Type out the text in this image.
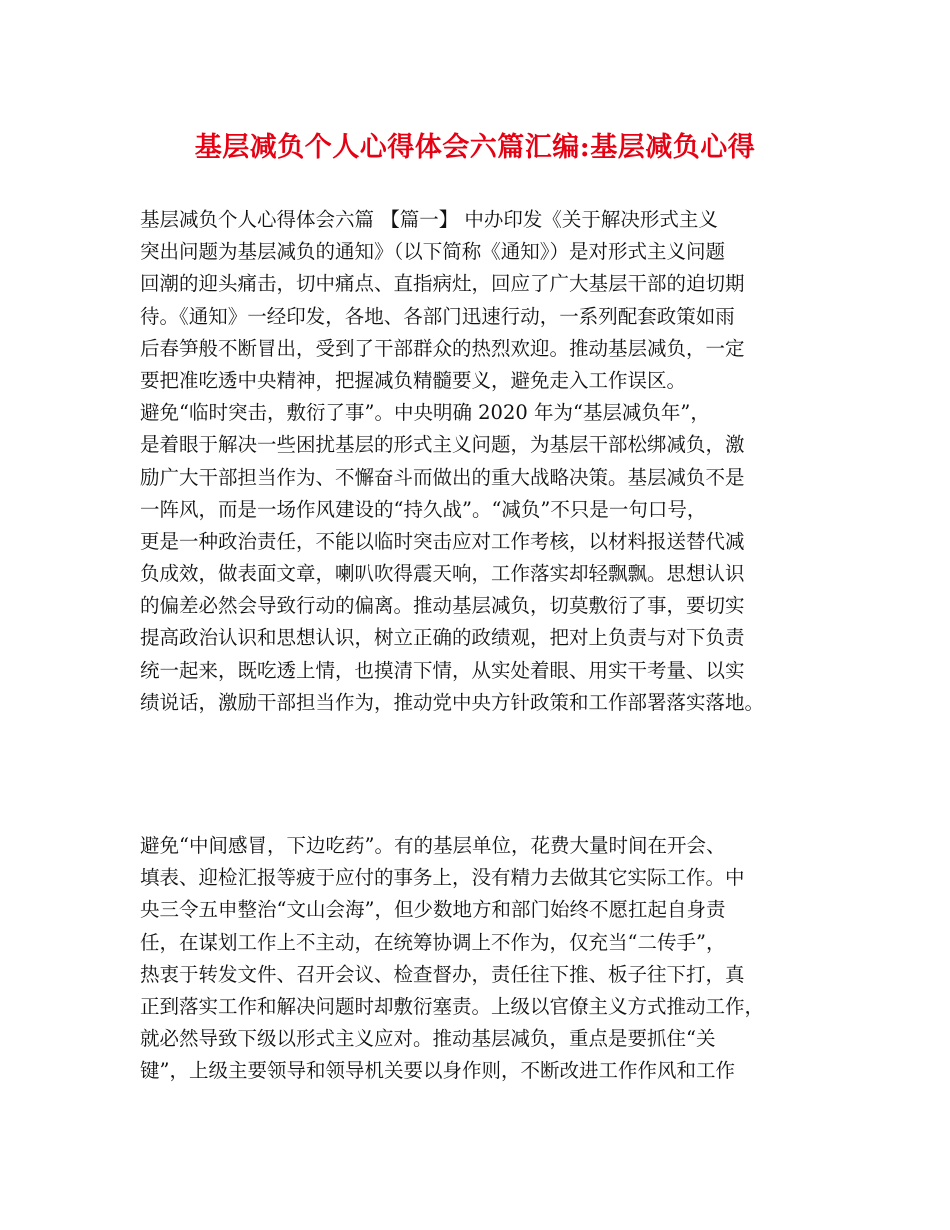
基层减负个人心得体会六篇汇编:基层减负心得
基层减负个人心得体会六篇 【篇一】 中办印发《关于解决形式主义
突出问题为基层减负的通知》（以下简称《通知》）是对形式主义问题
回潮的迎头痛击，切中痛点、直指病灶，回应了广大基层干部的迫切期
待。《通知》一经印发，各地、各部门迅速行动，一系列配套政策如雨
后春笋般不断冒出，受到了干部群众的热烈欢迎。推动基层减负，一定
要把准吃透中央精神，把握减负精髓要义，避免走入工作误区。
避免“临时突击，敷衍了事”。中央明确 2020 年为“基层减负年”，
是着眼于解决一些困扰基层的形式主义问题，为基层干部松绑减负，激
励广大干部担当作为、不懈奋斗而做出的重大战略决策。基层减负不是
一阵风，而是一场作风建设的“持久战”。“减负”不只是一句口号，
更是一种政治责任，不能以临时突击应对工作考核，以材料报送替代减
负成效，做表面文章，喇叭吹得震天响，工作落实却轻飘飘。思想认识
的偏差必然会导致行动的偏离。推动基层减负，切莫敷衍了事，要切实
提高政治认识和思想认识，树立正确的政绩观，把对上负责与对下负责
统一起来，既吃透上情，也摸清下情，从实处着眼、用实干考量、以实
绩说话，激励干部担当作为，推动党中央方针政策和工作部署落实落地。
避免“中间感冒，下边吃药”。有的基层单位，花费大量时间在开会、
填表、迎检汇报等疲于应付的事务上，没有精力去做其它实际工作。中
央三令五申整治“文山会海”，但少数地方和部门始终不愿扛起自身责
任，在谋划工作上不主动，在统筹协调上不作为，仅充当“二传手”，
热衷于转发文件、召开会议、检查督办，责任往下推、板子往下打，真
正到落实工作和解决问题时却敷衍塞责。上级以官僚主义方式推动工作，
就必然导致下级以形式主义应对。推动基层减负，重点是要抓住“关
键”，上级主要领导和领导机关要以身作则，不断改进工作作风和工作
